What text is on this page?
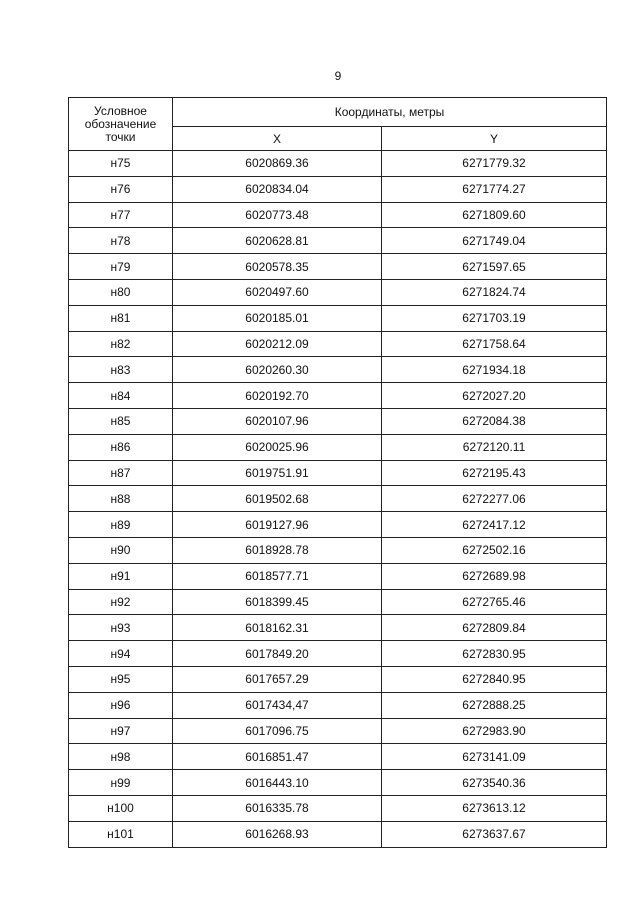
9
Условное обозначение точки	Координаты, метры	
	X	Y
н75	6020869.36	6271779.32
н76	6020834.04	6271774.27
н77	6020773.48	6271809.60
н78	6020628.81	6271749.04
н79	6020578.35	6271597.65
н80	6020497.60	6271824.74
н81	6020185.01	6271703.19
н82	6020212.09	6271758.64
н83	6020260.30	6271934.18
н84	6020192.70	6272027.20
н85	6020107.96	6272084.38
н86	6020025.96	6272120.11
н87	6019751.91	6272195.43
н88	6019502.68	6272277.06
н89	6019127.96	6272417.12
н90	6018928.78	6272502.16
н91	6018577.71	6272689.98
н92	6018399.45	6272765.46
н93	6018162.31	6272809.84
н94	6017849.20	6272830.95
н95	6017657.29	6272840.95
н96	6017434,47	6272888.25
н97	6017096.75	6272983.90
н98	6016851.47	6273141.09
н99	6016443.10	6273540.36
н100	6016335.78	6273613.12
н101	6016268.93	6273637.67
